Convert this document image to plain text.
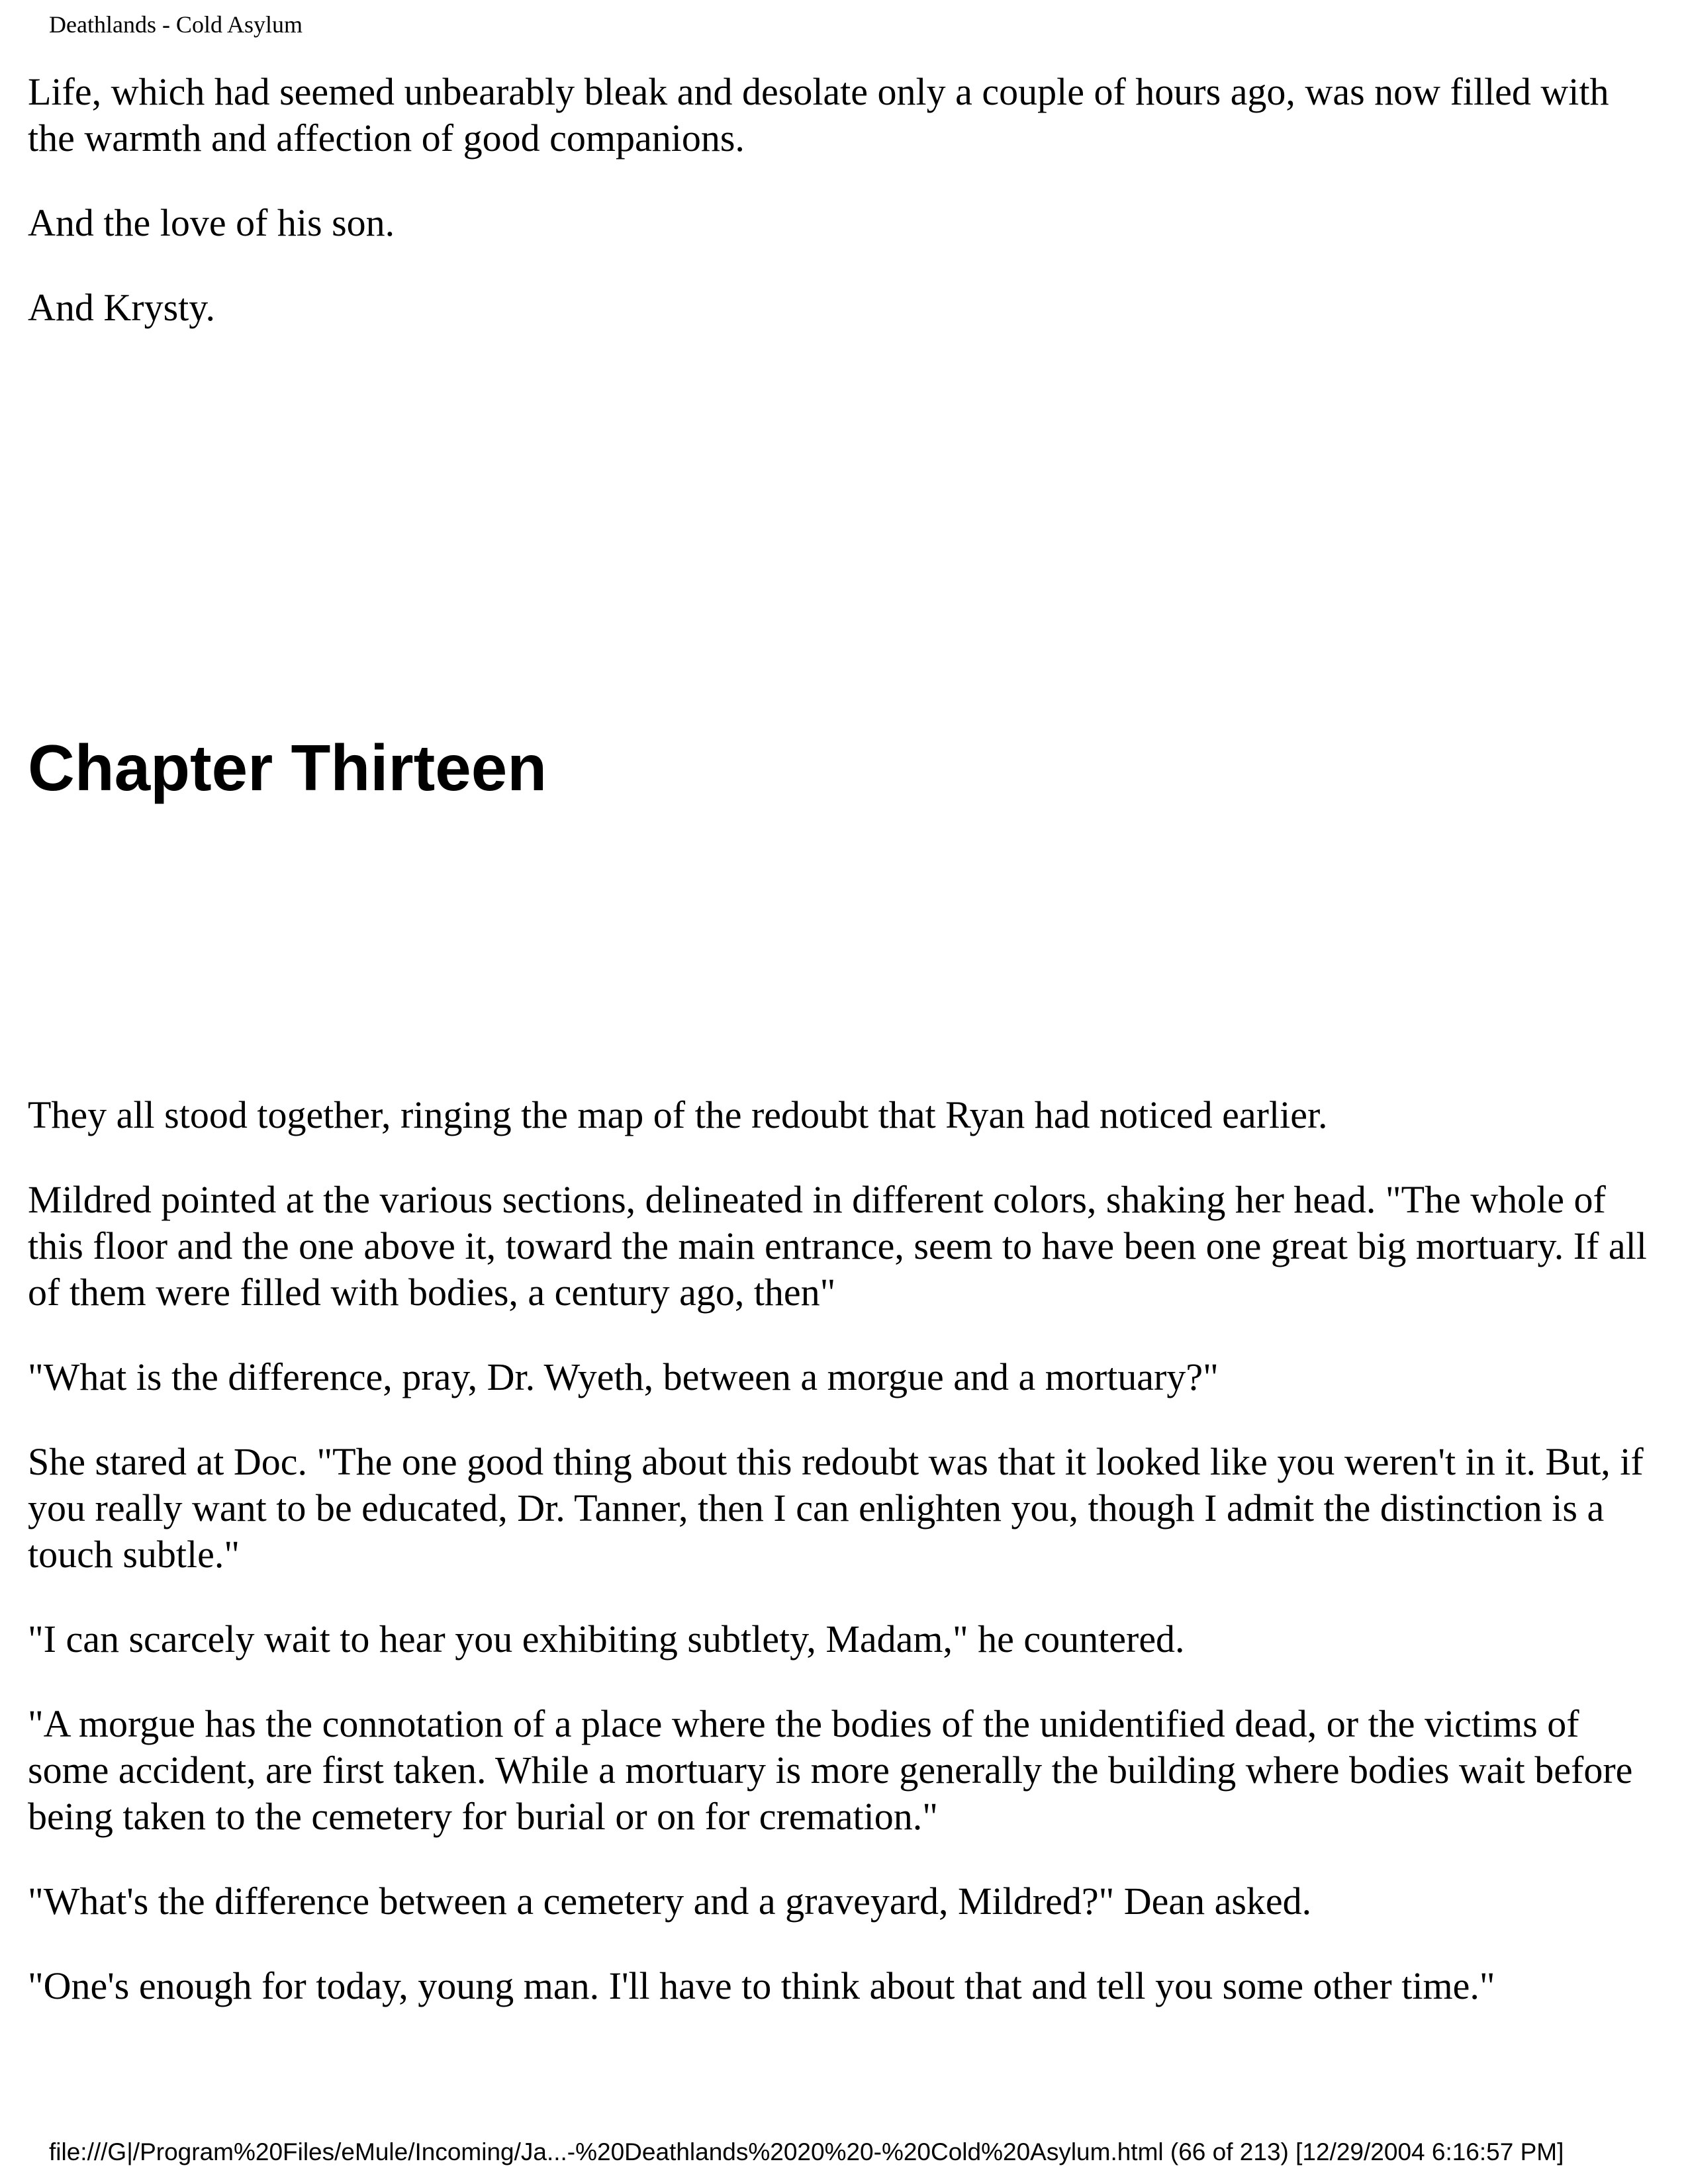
Deathlands - Cold Asylum

Life, which had seemed unbearably bleak and desolate only a couple of hours ago, was now filled with the warmth and affection of good companions.

And the love of his son.

And Krysty.

Chapter Thirteen

They all stood together, ringing the map of the redoubt that Ryan had noticed earlier.

Mildred pointed at the various sections, delineated in different colors, shaking her head. "The whole of this floor and the one above it, toward the main entrance, seem to have been one great big mortuary. If all of them were filled with bodies, a century ago, then"

"What is the difference, pray, Dr. Wyeth, between a morgue and a mortuary?"

She stared at Doc. "The one good thing about this redoubt was that it looked like you weren't in it. But, if you really want to be educated, Dr. Tanner, then I can enlighten you, though I admit the distinction is a touch subtle."

"I can scarcely wait to hear you exhibiting subtlety, Madam," he countered.

"A morgue has the connotation of a place where the bodies of the unidentified dead, or the victims of some accident, are first taken. While a mortuary is more generally the building where bodies wait before being taken to the cemetery for burial or on for cremation."

"What's the difference between a cemetery and a graveyard, Mildred?" Dean asked.

"One's enough for today, young man. I'll have to think about that and tell you some other time."

file:///G|/Program%20Files/eMule/Incoming/Ja...-%20Deathlands%2020%20-%20Cold%20Asylum.html (66 of 213) [12/29/2004 6:16:57 PM]
